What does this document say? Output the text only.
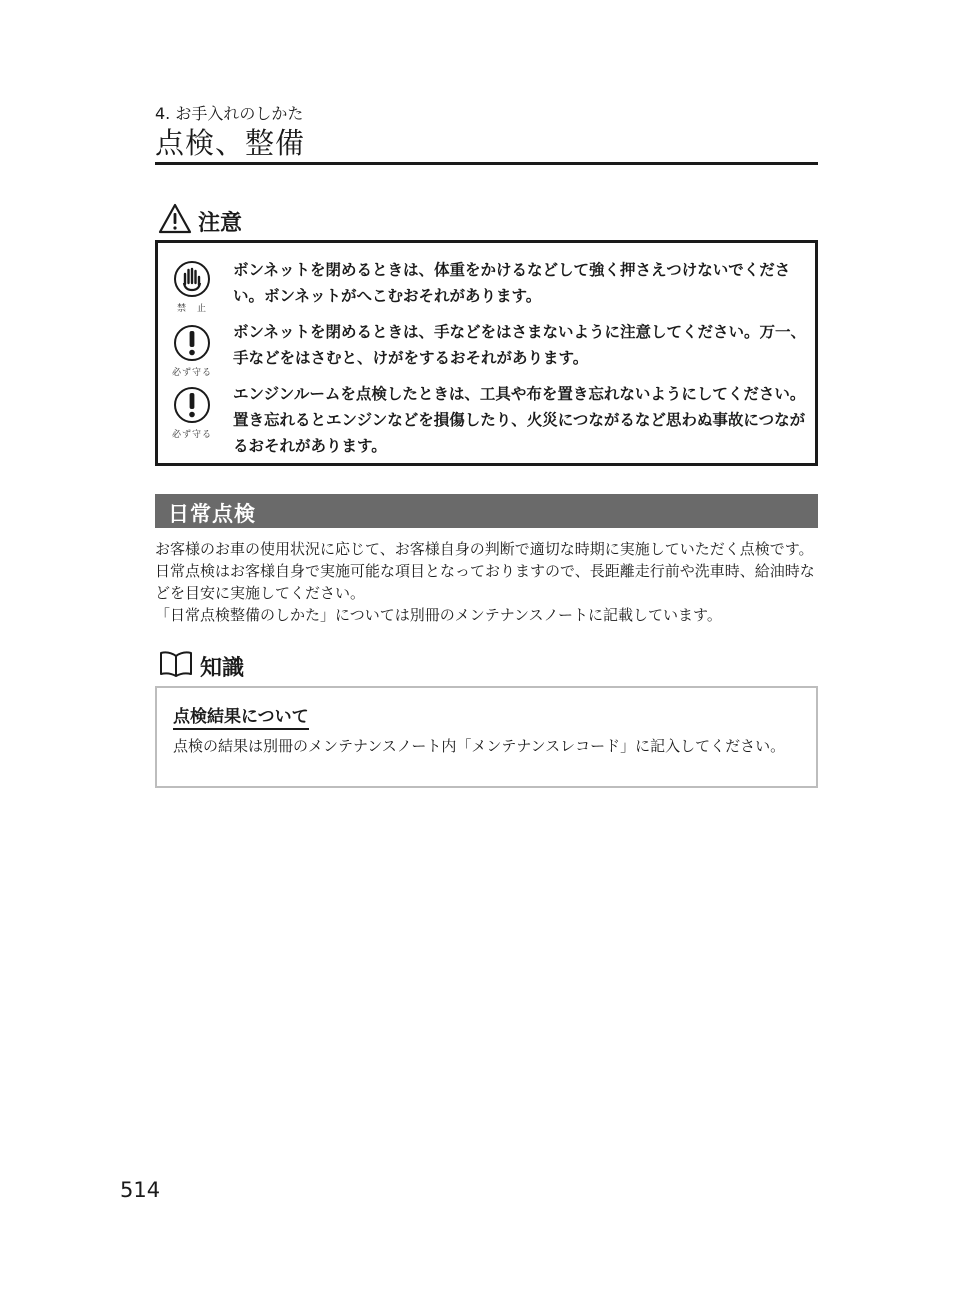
4. お手入れのしかた
点検、整備
注意
禁　止
ボンネットを閉めるときは、体重をかけるなどして強く押さえつけないでください。ボンネットがへこむおそれがあります。
必ず守る
ボンネットを閉めるときは、手などをはさまないように注意してください。万一、手などをはさむと、けがをするおそれがあります。
必ず守る
エンジンルームを点検したときは、工具や布を置き忘れないようにしてください。置き忘れるとエンジンなどを損傷したり、火災につながるなど思わぬ事故につながるおそれがあります。
日常点検

お客様のお車の使用状況に応じて、お客様自身の判断で適切な時期に実施していただく点検です。

日常点検はお客様自身で実施可能な項目となっておりますので、長距離走行前や洗車時、給油時などを目安に実施してください。

「日常点検整備のしかた」については別冊のメンテナンスノートに記載しています。

知識
点検結果について
点検の結果は別冊のメンテナンスノート内「メンテナンスレコード」に記入してください。
514
